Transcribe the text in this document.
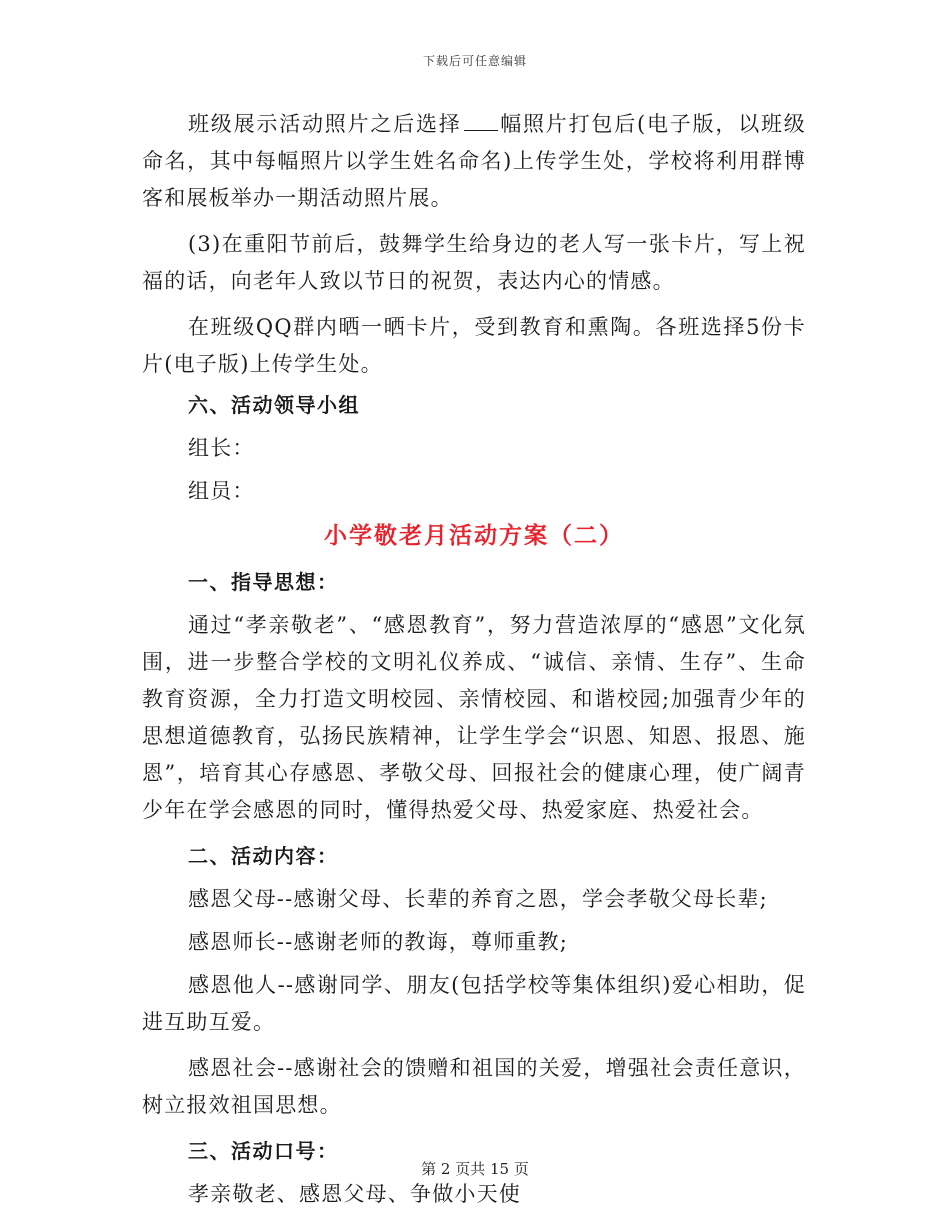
下载后可任意编辑

班级展示活动照片之后选择 幅照片打包后(电子版，以班级命名，其中每幅照片以学生姓名命名)上传学生处，学校将利用群博客和展板举办一期活动照片展。

(3)在重阳节前后，鼓舞学生给身边的老人写一张卡片，写上祝福的话，向老年人致以节日的祝贺，表达内心的情感。

在班级QQ群内晒一晒卡片，受到教育和熏陶。各班选择5份卡片(电子版)上传学生处。

六、活动领导小组
组长：
组员：
小学敬老月活动方案（二）
一、指导思想：

通过“孝亲敬老”、“感恩教育”，努力营造浓厚的“感恩”文化氛围，进一步整合学校的文明礼仪养成、“诚信、亲情、生存”、生命教育资源，全力打造文明校园、亲情校园、和谐校园;加强青少年的思想道德教育，弘扬民族精神，让学生学会“识恩、知恩、报恩、施恩”，培育其心存感恩、孝敬父母、回报社会的健康心理，使广阔青少年在学会感恩的同时，懂得热爱父母、热爱家庭、热爱社会。

二、活动内容：
感恩父母--感谢父母、长辈的养育之恩，学会孝敬父母长辈;
感恩师长--感谢老师的教诲，尊师重教;

感恩他人--感谢同学、朋友(包括学校等集体组织)爱心相助，促进互助互爱。

感恩社会--感谢社会的馈赠和祖国的关爱，增强社会责任意识，树立报效祖国思想。

三、活动口号：
孝亲敬老、感恩父母、争做小天使
第 2 页共 15 页
